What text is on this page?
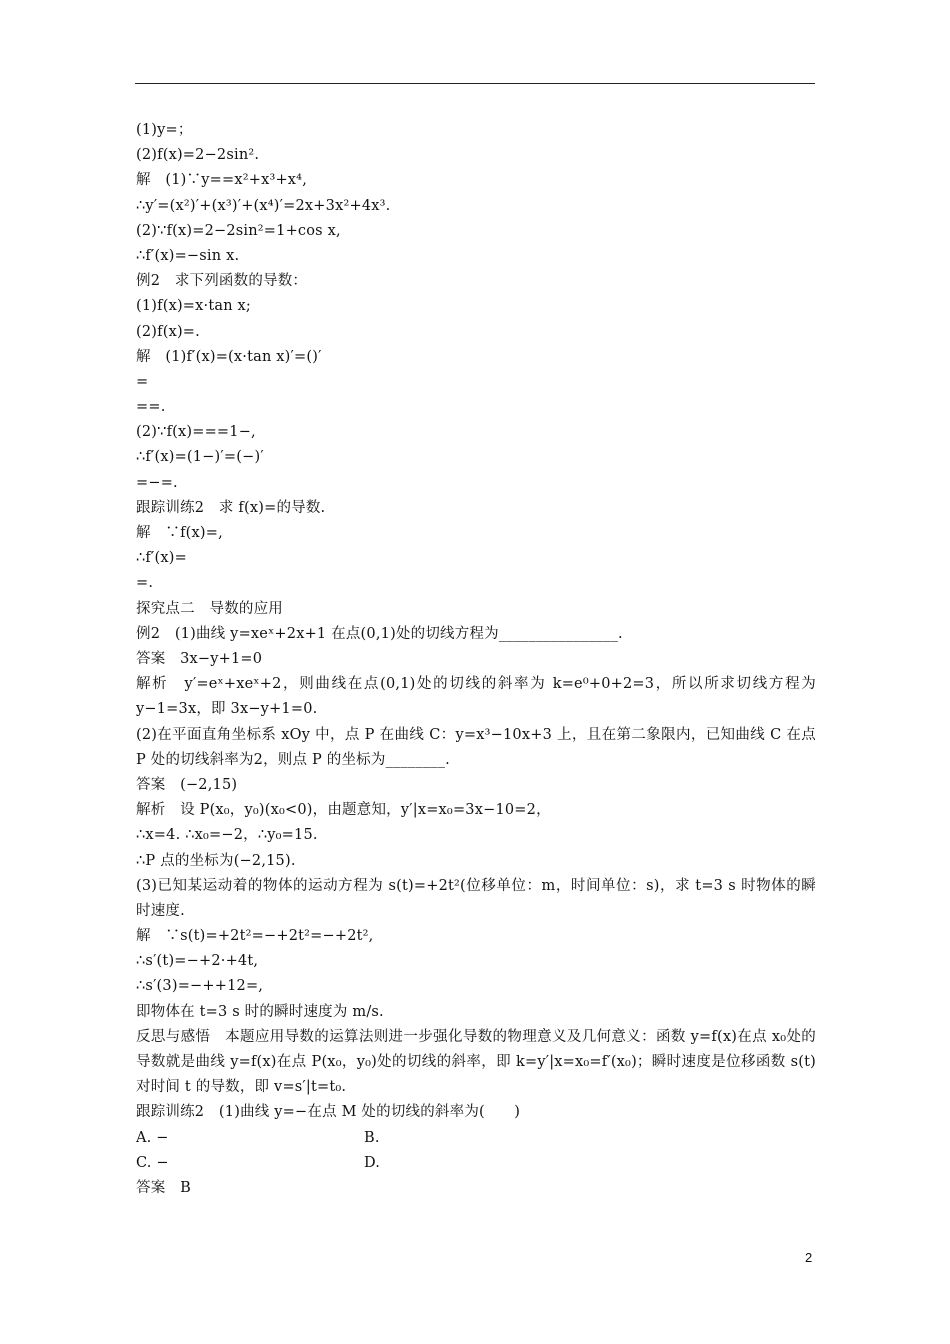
(1)y=；
(2)f(x)=2−2sin².
解　(1)∵y==x²+x³+x⁴,
∴y′=(x²)′+(x³)′+(x⁴)′=2x+3x²+4x³.
(2)∵f(x)=2−2sin²=1+cos x,
∴f′(x)=−sin x.
例2　求下列函数的导数：
(1)f(x)=x·tan x;
(2)f(x)=.
解　(1)f′(x)=(x·tan x)′=()′
=
==.
(2)∵f(x)===1−,
∴f′(x)=(1−)′=(−)′
=−=.
跟踪训练2　求 f(x)=的导数.
解　∵f(x)=,
∴f′(x)=
=.
探究点二　导数的应用
例2　(1)曲线 y=xeˣ+2x+1 在点(0,1)处的切线方程为________________.
答案　3x−y+1=0
解析　y′=eˣ+xeˣ+2，则曲线在点(0,1)处的切线的斜率为 k=e⁰+0+2=3，所以所求切线方程为 y−1=3x，即 3x−y+1=0.
(2)在平面直角坐标系 xOy 中，点 P 在曲线 C：y=x³−10x+3 上，且在第二象限内，已知曲线 C 在点 P 处的切线斜率为2，则点 P 的坐标为________.
答案　(−2,15)
解析　设 P(x₀，y₀)(x₀<0)，由题意知，y′|x=x₀=3x−10=2，
∴x=4. ∴x₀=−2，∴y₀=15.
∴P 点的坐标为(−2,15).
(3)已知某运动着的物体的运动方程为 s(t)=+2t²(位移单位：m，时间单位：s)，求 t=3 s 时物体的瞬时速度.
解　∵s(t)=+2t²=−+2t²=−+2t²,
∴s′(t)=−+2·+4t,
∴s′(3)=−++12=,
即物体在 t=3 s 时的瞬时速度为 m/s.
反思与感悟　本题应用导数的运算法则进一步强化导数的物理意义及几何意义：函数 y=f(x)在点 x₀处的导数就是曲线 y=f(x)在点 P(x₀，y₀)处的切线的斜率，即 k=y′|x=x₀=f′(x₀)；瞬时速度是位移函数 s(t)对时间 t 的导数，即 v=s′|t=t₀.
跟踪训练2　(1)曲线 y=−在点 M 处的切线的斜率为(　　)
A. −	B.
C. −	D.
答案　B
2
